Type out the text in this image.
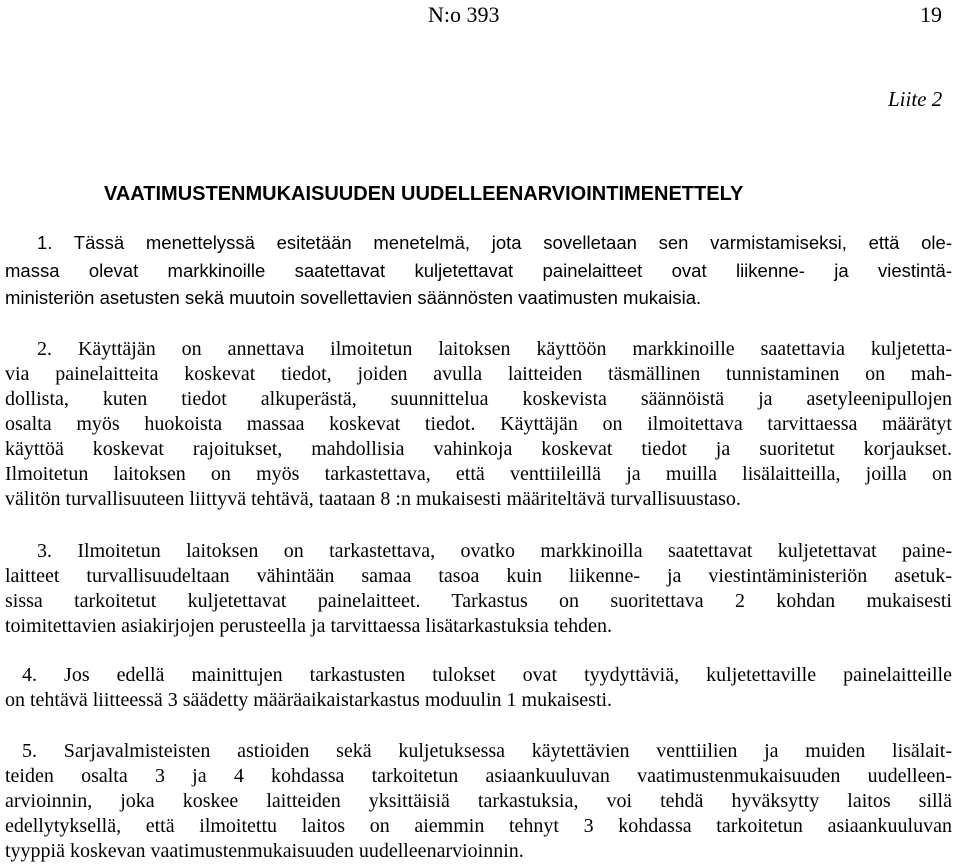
N:o 393	19
Liite 2
VAATIMUSTENMUKAISUUDEN UUDELLEENARVIOINTIMENETTELY
1. Tässä menettelyssä esitetään menetelmä, jota sovelletaan sen varmistamiseksi, että ole-
massa olevat markkinoille saatettavat kuljetettavat painelaitteet ovat liikenne- ja viestintä-
ministeriön asetusten sekä muutoin sovellettavien säännösten vaatimusten mukaisia.
2. Käyttäjän on annettava ilmoitetun laitoksen käyttöön markkinoille saatettavia kuljetetta-
via painelaitteita koskevat tiedot, joiden avulla laitteiden täsmällinen tunnistaminen on mah-
dollista, kuten tiedot alkuperästä, suunnittelua koskevista säännöistä ja asetyleenipullojen
osalta myös huokoista massaa koskevat tiedot. Käyttäjän on ilmoitettava tarvittaessa määrätyt
käyttöä koskevat rajoitukset, mahdollisia vahinkoja koskevat tiedot ja suoritetut korjaukset.
Ilmoitetun laitoksen on myös tarkastettava, että venttiileillä ja muilla lisälaitteilla, joilla on
välitön turvallisuuteen liittyvä tehtävä, taataan 8 :n mukaisesti määriteltävä turvallisuustaso.
3. Ilmoitetun laitoksen on tarkastettava, ovatko markkinoilla saatettavat kuljetettavat paine-
laitteet turvallisuudeltaan vähintään samaa tasoa kuin liikenne- ja viestintäministeriön asetuk-
sissa tarkoitetut kuljetettavat painelaitteet. Tarkastus on suoritettava 2 kohdan mukaisesti
toimitettavien asiakirjojen perusteella ja tarvittaessa lisätarkastuksia tehden.
4. Jos edellä mainittujen tarkastusten tulokset ovat tyydyttäviä, kuljetettaville painelaitteille
on tehtävä liitteessä 3 säädetty määräaikaistarkastus moduulin 1 mukaisesti.
5. Sarjavalmisteisten astioiden sekä kuljetuksessa käytettävien venttiilien ja muiden lisälait-
teiden osalta 3 ja 4 kohdassa tarkoitetun asiaankuuluvan vaatimustenmukaisuuden uudelleen-
arvioinnin, joka koskee laitteiden yksittäisiä tarkastuksia, voi tehdä hyväksytty laitos sillä
edellytyksellä, että ilmoitettu laitos on aiemmin tehnyt 3 kohdassa tarkoitetun asiaankuuluvan
tyyppiä koskevan vaatimustenmukaisuuden uudelleenarvioinnin.
